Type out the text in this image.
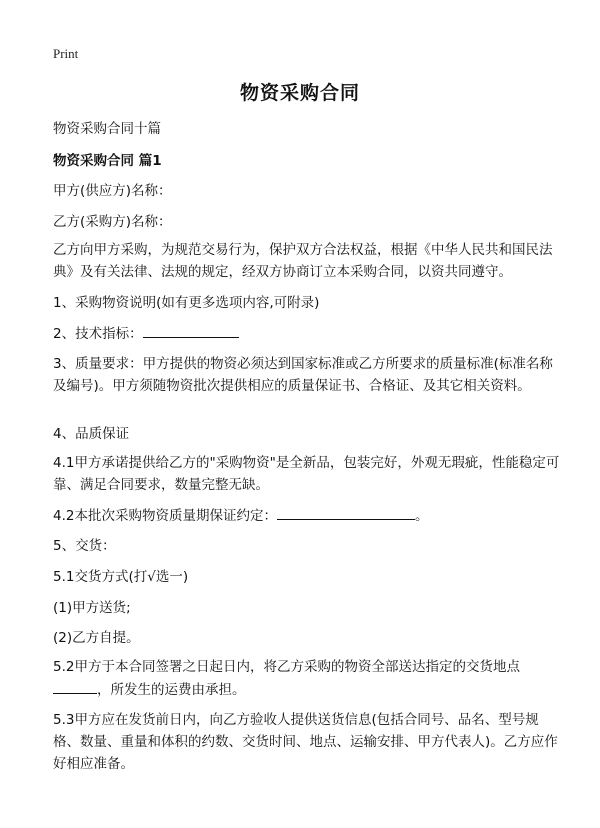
Print
物资采购合同

物资采购合同十篇

物资采购合同 篇1

甲方(供应方)名称：

乙方(采购方)名称：

乙方向甲方采购，为规范交易行为，保护双方合法权益，根据《中华人民共和国民法典》及有关法律、法规的规定，经双方协商订立本采购合同，以资共同遵守。

1、采购物资说明(如有更多选项内容,可附录)

2、技术指标：

3、质量要求：甲方提供的物资必须达到国家标准或乙方所要求的质量标准(标准名称及编号)。甲方须随物资批次提供相应的质量保证书、合格证、及其它相关资料。

4、品质保证

4.1甲方承诺提供给乙方的"采购物资"是全新品，包装完好，外观无瑕疵，性能稳定可靠、满足合同要求，数量完整无缺。

4.2本批次采购物资质量期保证约定：	。

5、交货：

5.1交货方式(打√选一)

(1)甲方送货;

(2)乙方自提。

5.2甲方于本合同签署之日起日内，将乙方采购的物资全部送达指定的交货地点，所发生的运费由承担。

5.3甲方应在发货前日内，向乙方验收人提供送货信息(包括合同号、品名、型号规格、数量、重量和体积的约数、交货时间、地点、运输安排、甲方代表人)。乙方应作好相应准备。
